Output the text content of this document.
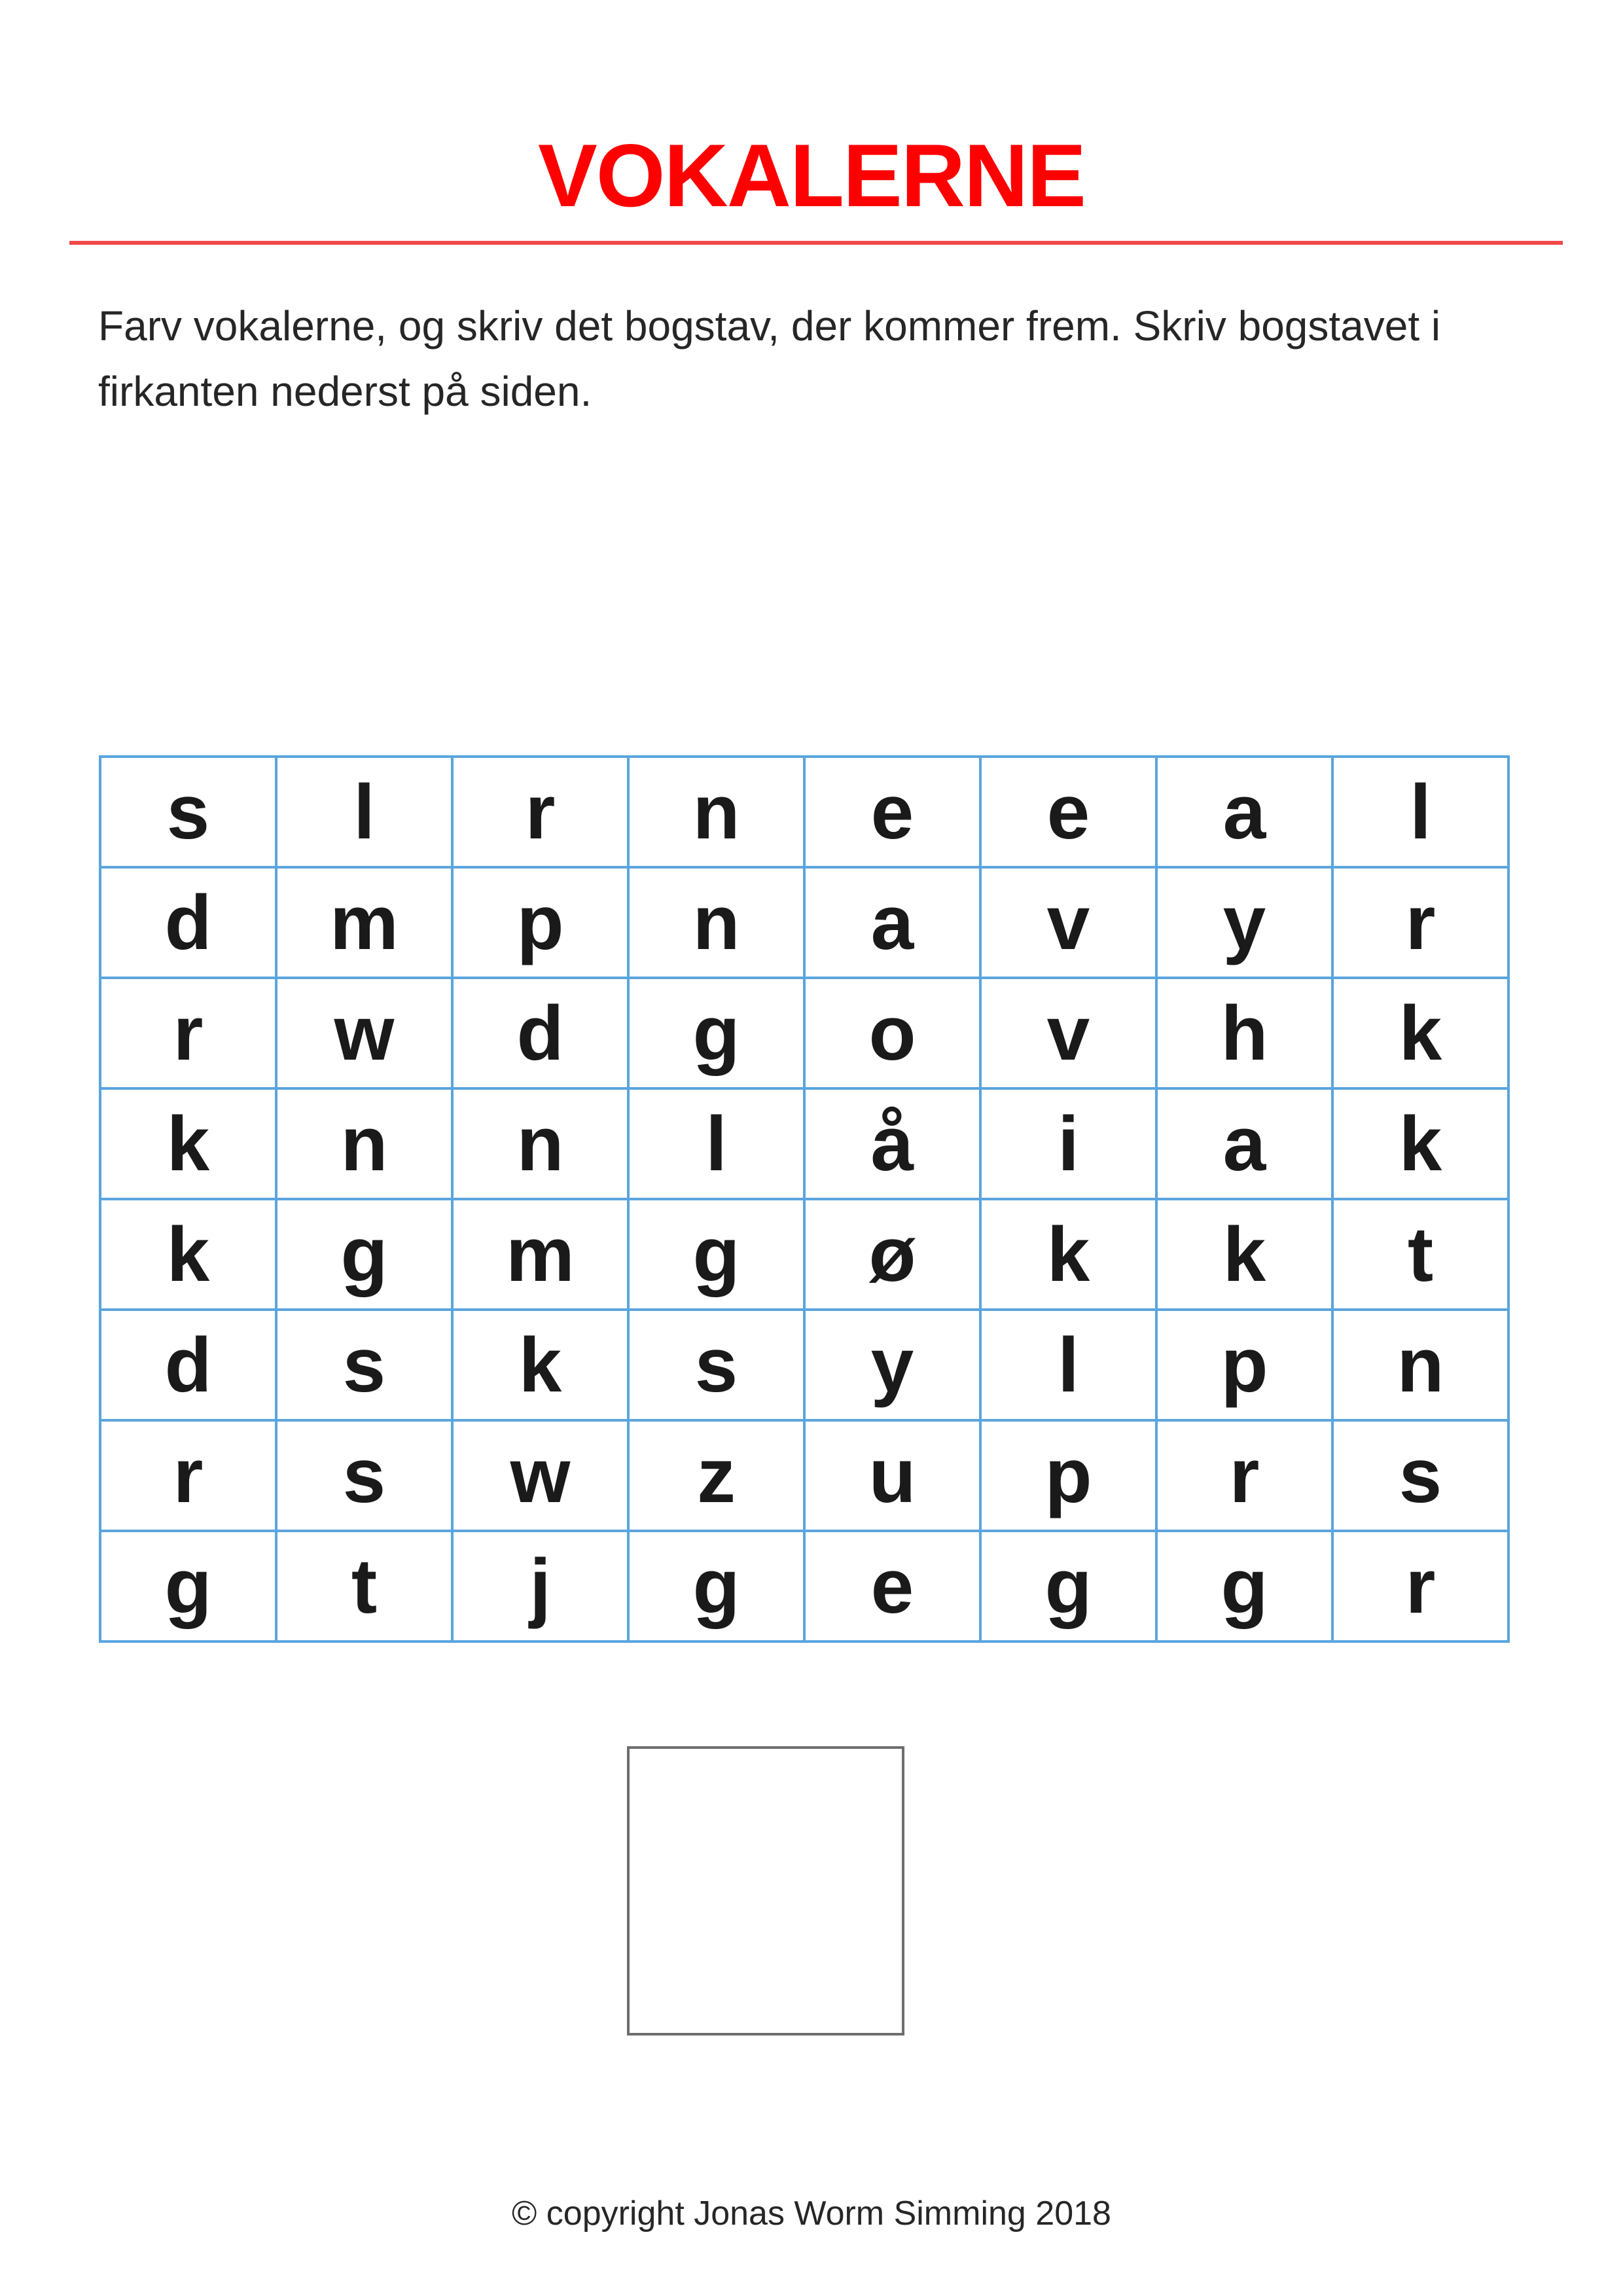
VOKALERNE
Farv vokalerne, og skriv det bogstav, der kommer frem. Skriv bogstavet i firkanten nederst på siden.
s	l	r	n	e	e	a	l
d	m	p	n	a	v	y	r
r	w	d	g	o	v	h	k
k	n	n	l	å	i	a	k
k	g	m	g	ø	k	k	t
d	s	k	s	y	l	p	n
r	s	w	z	u	p	r	s
g	t	j	g	e	g	g	r
© copyright Jonas Worm Simming 2018
